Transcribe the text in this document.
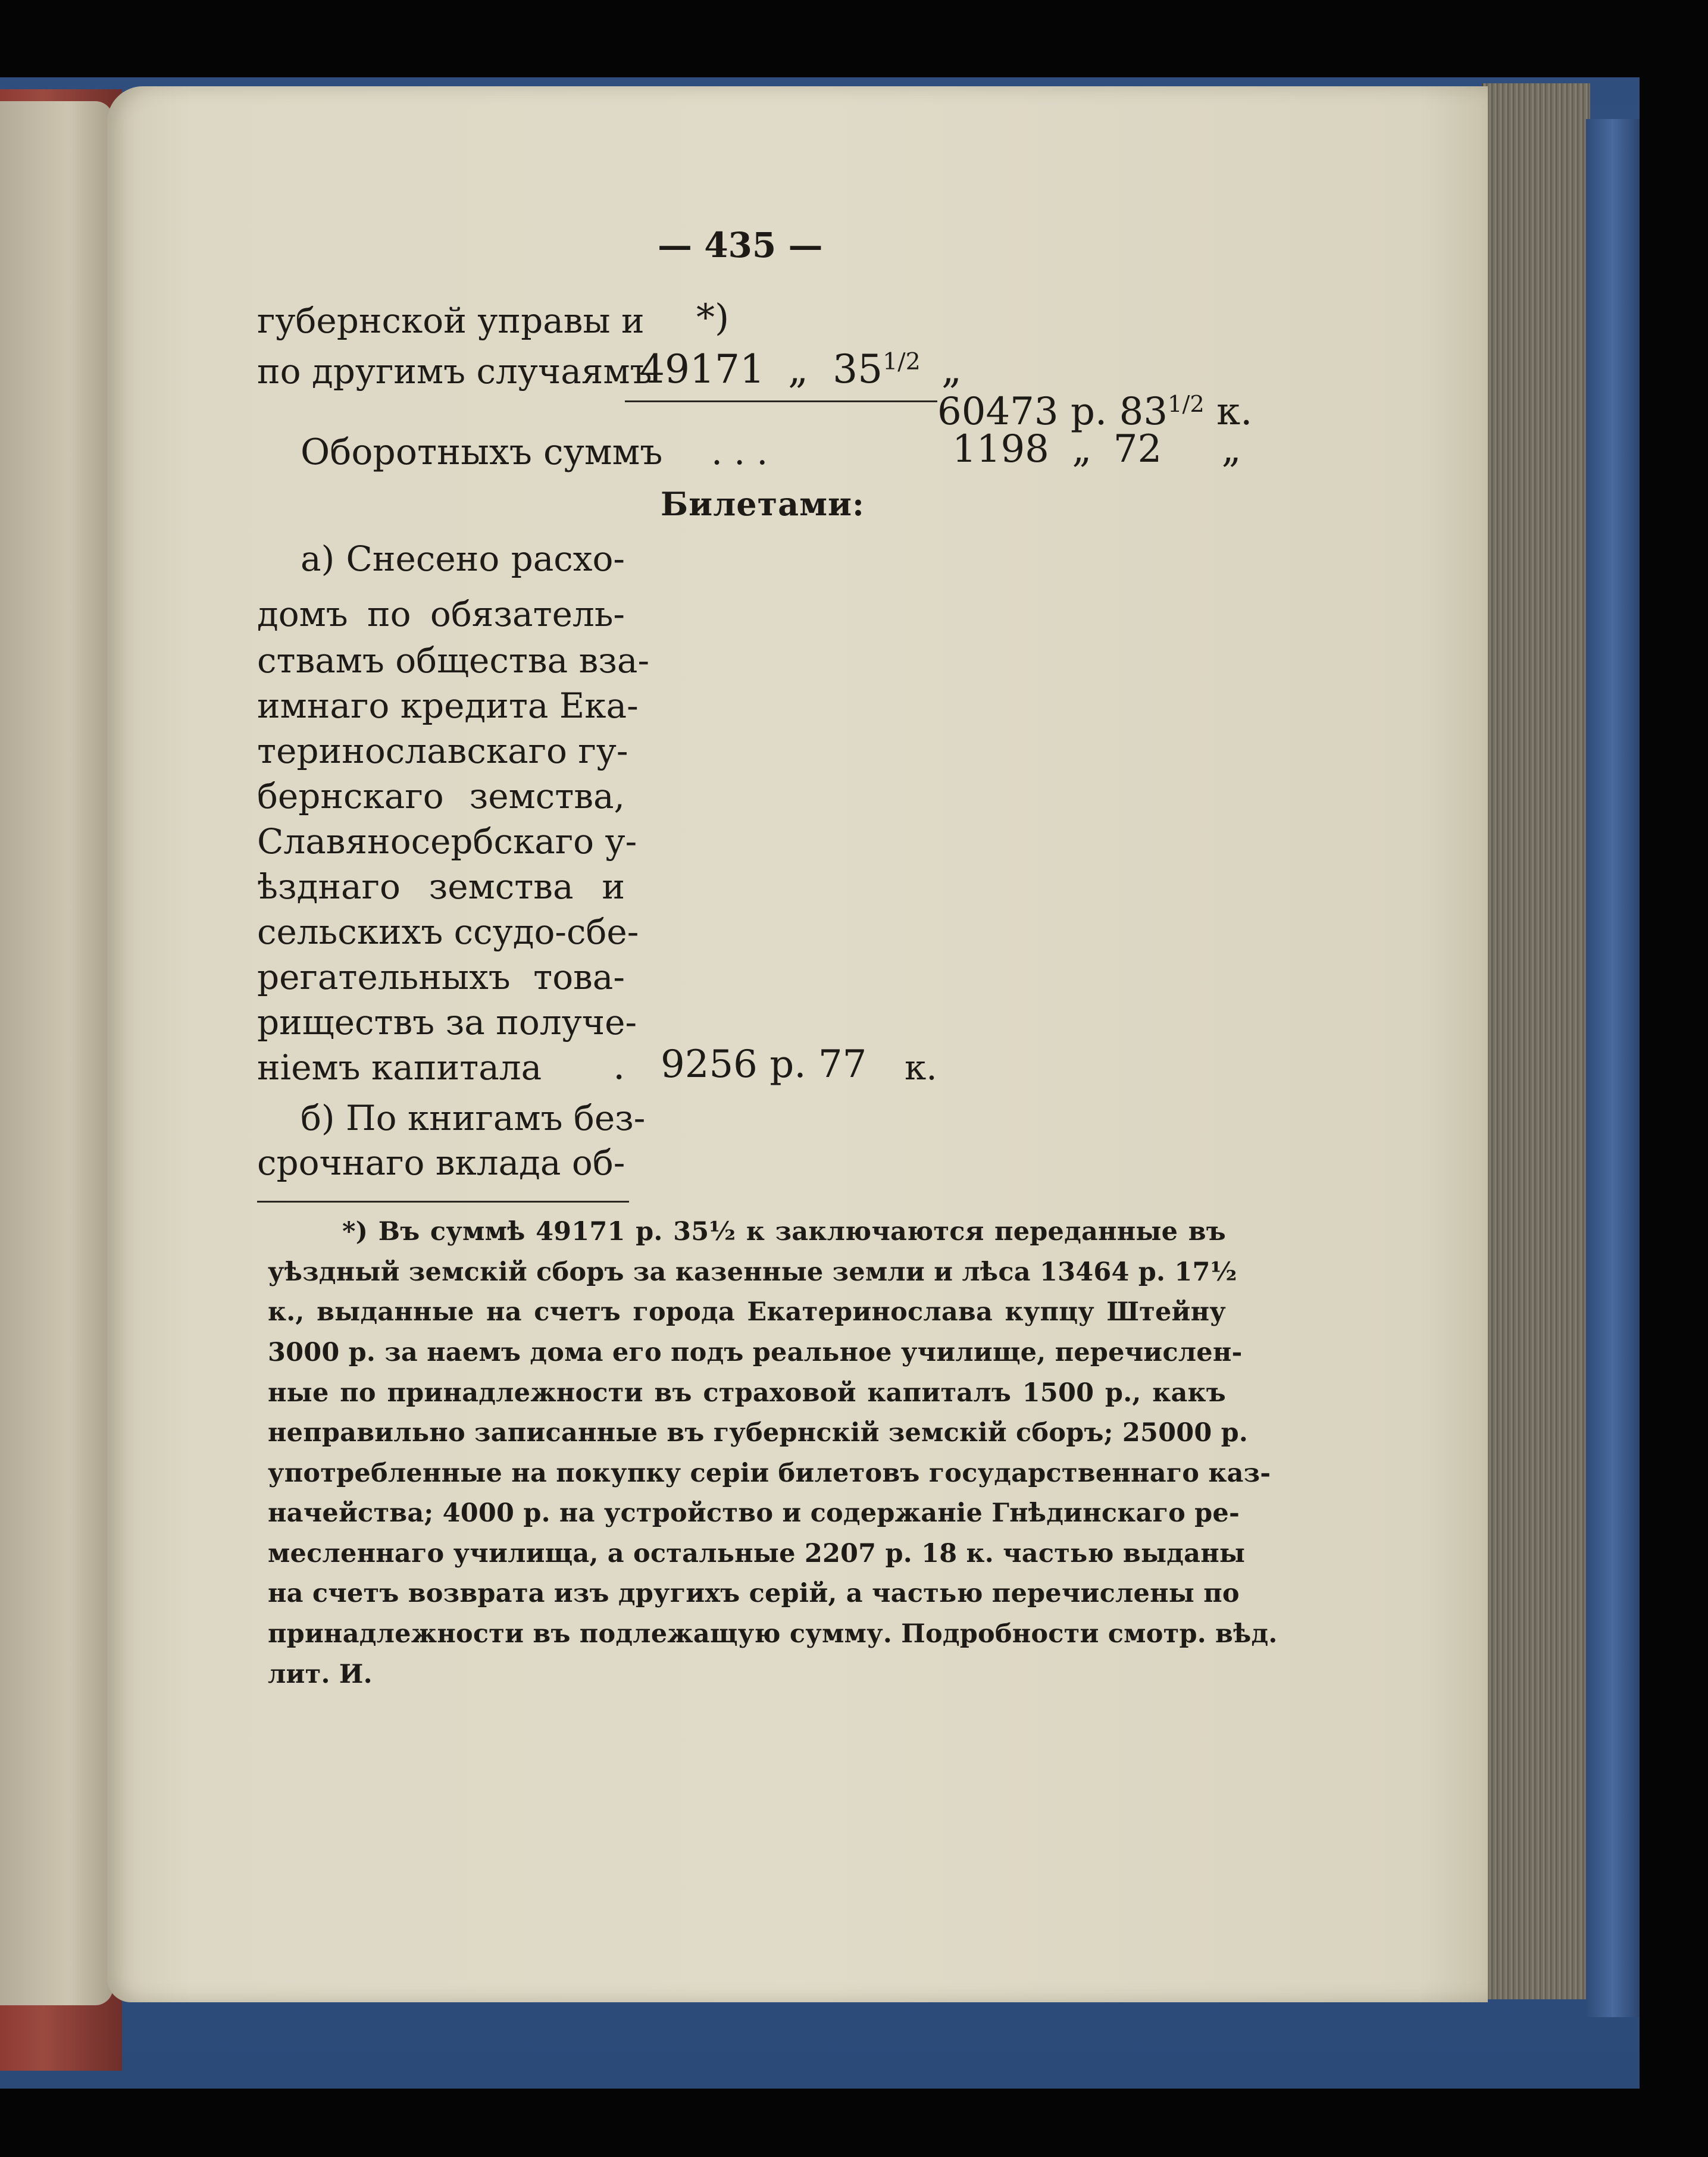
— 435 —
губернской управы и *)
по другимъ случаямъ
49171 „ $35^{1/2}$ „
60473 р. $83^{1/2}$ к.
Оборотныхъ суммъ . . .	1198 „ 72 „
Билетами:
а) Снесено расхо-
домъ по обязатель-
ствамъ общества вза-
имнаго кредита Ека-
теринославскаго гу-
бернскаго земства,
Славяносербскаго у-
ѣзднаго земства и
сельскихъ ссудо-сбе-
регательныхъ това-
риществъ за получе-
ніемъ капитала . 9256 р. 77 к.
б) По книгамъ без-
срочнаго вклада об-
*) Въ суммѣ 49171 р. 35½ к заключаются переданные въ
уѣздный земскій сборъ за казенные земли и лѣса 13464 р. 17½
к., выданные на счетъ города Екатеринослава купцу Штейну
3000 р. за наемъ дома его подъ реальное училище, перечислен-
ные по принадлежности въ страховой капиталъ 1500 р., какъ
неправильно записанные въ губернскій земскій сборъ; 25000 р.
употребленные на покупку серіи билетовъ государственнаго каз-
начейства; 4000 р. на устройство и содержаніе Гнѣдинскаго ре-
месленнаго училища, а остальные 2207 р. 18 к. частью выданы
на счетъ возврата изъ другихъ серій, а частью перечислены по
принадлежности въ подлежащую сумму. Подробности смотр. вѣд.
лит. И.
